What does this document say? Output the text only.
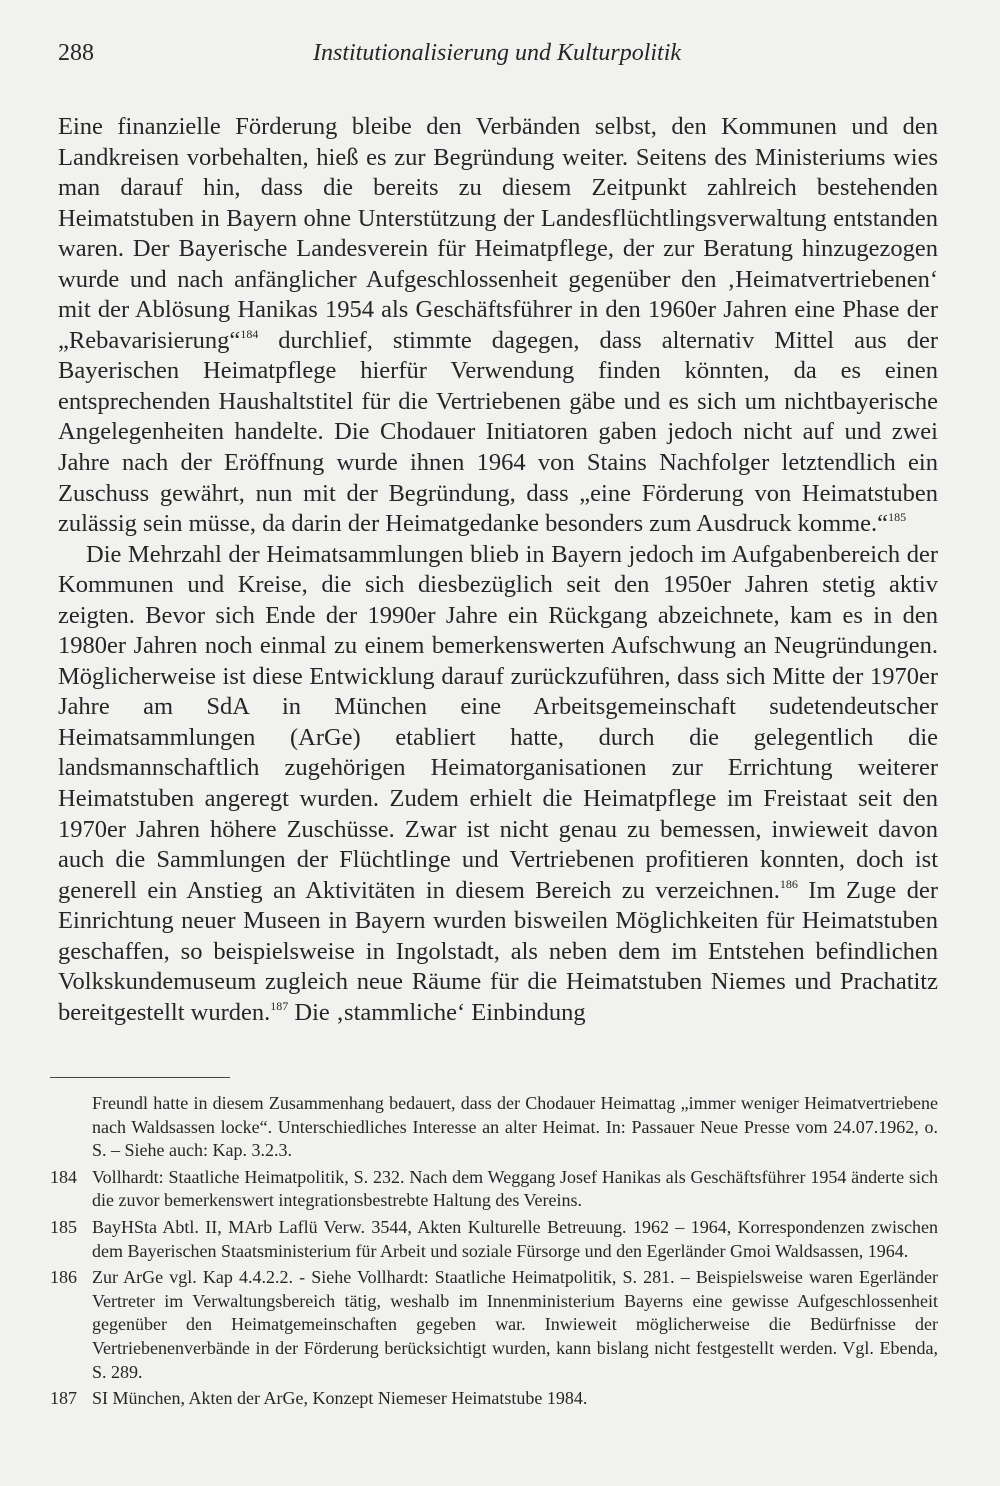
288	Institutionalisierung und Kulturpolitik

Eine finanzielle Förderung bleibe den Verbänden selbst, den Kommunen und den Landkreisen vorbehalten, hieß es zur Begründung weiter. Seitens des Ministeriums wies man darauf hin, dass die bereits zu diesem Zeitpunkt zahlreich bestehenden Heimatstuben in Bayern ohne Unterstützung der Landesflüchtlingsverwaltung entstanden waren. Der Bayerische Landesverein für Heimatpflege, der zur Beratung hinzugezogen wurde und nach anfänglicher Aufgeschlossenheit gegenüber den ‚Heimatvertriebenen‘ mit der Ablösung Hanikas 1954 als Geschäftsführer in den 1960er Jahren eine Phase der „Rebavarisierung“$^{184}$ durchlief, stimmte dagegen, dass alternativ Mittel aus der Bayerischen Heimatpflege hierfür Verwendung finden könnten, da es einen entsprechenden Haushaltstitel für die Vertriebenen gäbe und es sich um nichtbayerische Angelegenheiten handelte. Die Chodauer Initiatoren gaben jedoch nicht auf und zwei Jahre nach der Eröffnung wurde ihnen 1964 von Stains Nachfolger letztendlich ein Zuschuss gewährt, nun mit der Begründung, dass „eine Förderung von Heimatstuben zulässig sein müsse, da darin der Heimatgedanke besonders zum Ausdruck komme.“$^{185}$

Die Mehrzahl der Heimatsammlungen blieb in Bayern jedoch im Aufgabenbereich der Kommunen und Kreise, die sich diesbezüglich seit den 1950er Jahren stetig aktiv zeigten. Bevor sich Ende der 1990er Jahre ein Rückgang abzeichnete, kam es in den 1980er Jahren noch einmal zu einem bemerkenswerten Aufschwung an Neugründungen. Möglicherweise ist diese Entwicklung darauf zurückzuführen, dass sich Mitte der 1970er Jahre am SdA in München eine Arbeitsgemeinschaft sudetendeutscher Heimatsammlungen (ArGe) etabliert hatte, durch die gelegentlich die landsmannschaftlich zugehörigen Heimatorganisationen zur Errichtung weiterer Heimatstuben angeregt wurden. Zudem erhielt die Heimatpflege im Freistaat seit den 1970er Jahren höhere Zuschüsse. Zwar ist nicht genau zu bemessen, inwieweit davon auch die Sammlungen der Flüchtlinge und Vertriebenen profitieren konnten, doch ist generell ein Anstieg an Aktivitäten in diesem Bereich zu verzeichnen.$^{186}$ Im Zuge der Einrichtung neuer Museen in Bayern wurden bisweilen Möglichkeiten für Heimatstuben geschaffen, so beispielsweise in Ingolstadt, als neben dem im Entstehen befindlichen Volkskundemuseum zugleich neue Räume für die Heimatstuben Niemes und Prachatitz bereitgestellt wurden.$^{187}$ Die ‚stammliche‘ Einbindung

Freundl hatte in diesem Zusammenhang bedauert, dass der Chodauer Heimattag „immer weniger Heimatvertriebene nach Waldsassen locke“. Unterschiedliches Interesse an alter Heimat. In: Passauer Neue Presse vom 24.07.1962, o. S. – Siehe auch: Kap. 3.2.3.

184 Vollhardt: Staatliche Heimatpolitik, S. 232. Nach dem Weggang Josef Hanikas als Geschäftsführer 1954 änderte sich die zuvor bemerkenswert integrationsbestrebte Haltung des Vereins.
185 BayHSta Abtl. II, MArb Laflü Verw. 3544, Akten Kulturelle Betreuung. 1962 – 1964, Korrespondenzen zwischen dem Bayerischen Staatsministerium für Arbeit und soziale Fürsorge und den Egerländer Gmoi Waldsassen, 1964.
186 Zur ArGe vgl. Kap 4.4.2.2. - Siehe Vollhardt: Staatliche Heimatpolitik, S. 281. – Beispielsweise waren Egerländer Vertreter im Verwaltungsbereich tätig, weshalb im Innenministerium Bayerns eine gewisse Aufgeschlossenheit gegenüber den Heimatgemeinschaften gegeben war. Inwieweit möglicherweise die Bedürfnisse der Vertriebenenverbände in der Förderung berücksichtigt wurden, kann bislang nicht festgestellt werden. Vgl. Ebenda, S. 289.
187 SI München, Akten der ArGe, Konzept Niemeser Heimatstube 1984.
